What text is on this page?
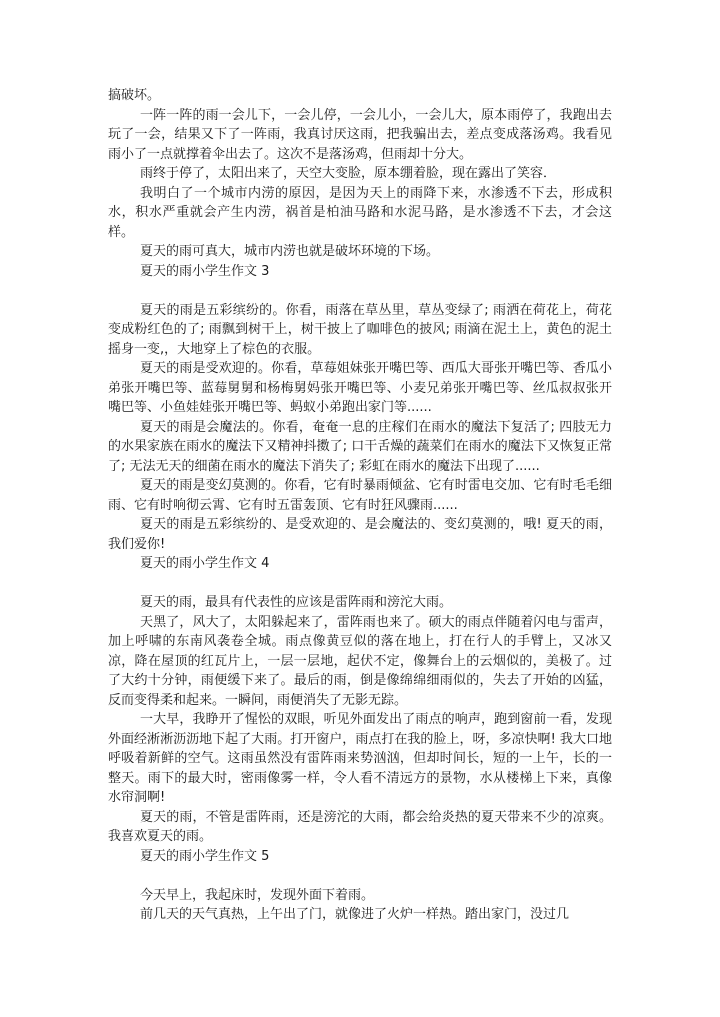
搞破坏。

一阵一阵的雨一会儿下，一会儿停，一会儿小，一会儿大，原本雨停了，我跑出去玩了一会，结果又下了一阵雨，我真讨厌这雨，把我骗出去，差点变成落汤鸡。我看见雨小了一点就撑着伞出去了。这次不是落汤鸡，但雨却十分大。

雨终于停了，太阳出来了，天空大变脸，原本绷着脸，现在露出了笑容．

我明白了一个城市内涝的原因，是因为天上的雨降下来，水渗透不下去，形成积水，积水严重就会产生内涝，祸首是柏油马路和水泥马路，是水渗透不下去，才会这样。

夏天的雨可真大，城市内涝也就是破坏环境的下场。

夏天的雨小学生作文 3

夏天的雨是五彩缤纷的。你看，雨落在草丛里，草丛变绿了; 雨洒在荷花上，荷花变成粉红色的了; 雨飘到树干上，树干披上了咖啡色的披风; 雨滴在泥土上，黄色的泥土摇身一变,，大地穿上了棕色的衣服。

夏天的雨是受欢迎的。你看，草莓姐妹张开嘴巴等、西瓜大哥张开嘴巴等、香瓜小弟张开嘴巴等、蓝莓舅舅和杨梅舅妈张开嘴巴等、小麦兄弟张开嘴巴等、丝瓜叔叔张开嘴巴等、小鱼娃娃张开嘴巴等、蚂蚁小弟跑出家门等......

夏天的雨是会魔法的。你看，奄奄一息的庄稼们在雨水的魔法下复活了; 四肢无力的水果家族在雨水的魔法下又精神抖擞了; 口干舌燥的蔬菜们在雨水的魔法下又恢复正常了; 无法无天的细菌在雨水的魔法下消失了; 彩虹在雨水的魔法下出现了......

夏天的雨是变幻莫测的。你看，它有时暴雨倾盆、它有时雷电交加、它有时毛毛细雨、它有时响彻云霄、它有时五雷轰顶、它有时狂风骤雨......

夏天的雨是五彩缤纷的、是受欢迎的、是会魔法的、变幻莫测的，哦! 夏天的雨，我们爱你!

夏天的雨小学生作文 4

夏天的雨，最具有代表性的应该是雷阵雨和滂沱大雨。

天黑了，风大了，太阳躲起来了，雷阵雨也来了。硕大的雨点伴随着闪电与雷声，加上呼啸的东南风袭卷全城。雨点像黄豆似的落在地上，打在行人的手臂上，又冰又凉，降在屋顶的红瓦片上，一层一层地，起伏不定，像舞台上的云烟似的，美极了。过了大约十分钟，雨便缓下来了。最后的雨，倒是像绵绵细雨似的，失去了开始的凶猛，反而变得柔和起来。一瞬间，雨便消失了无影无踪。

一大早，我睁开了惺忪的双眼，听见外面发出了雨点的响声，跑到窗前一看，发现外面经淅淅沥沥地下起了大雨。打开窗户，雨点打在我的脸上，呀，多凉快啊! 我大口地呼吸着新鲜的空气。这雨虽然没有雷阵雨来势汹汹，但却时间长，短的一上午，长的一整天。雨下的最大时，密雨像雾一样，令人看不清远方的景物，水从楼梯上下来，真像水帘洞啊!

夏天的雨，不管是雷阵雨，还是滂沱的大雨，都会给炎热的夏天带来不少的凉爽。我喜欢夏天的雨。

夏天的雨小学生作文 5

今天早上，我起床时，发现外面下着雨。

前几天的天气真热，上午出了门，就像进了火炉一样热。踏出家门，没过几
